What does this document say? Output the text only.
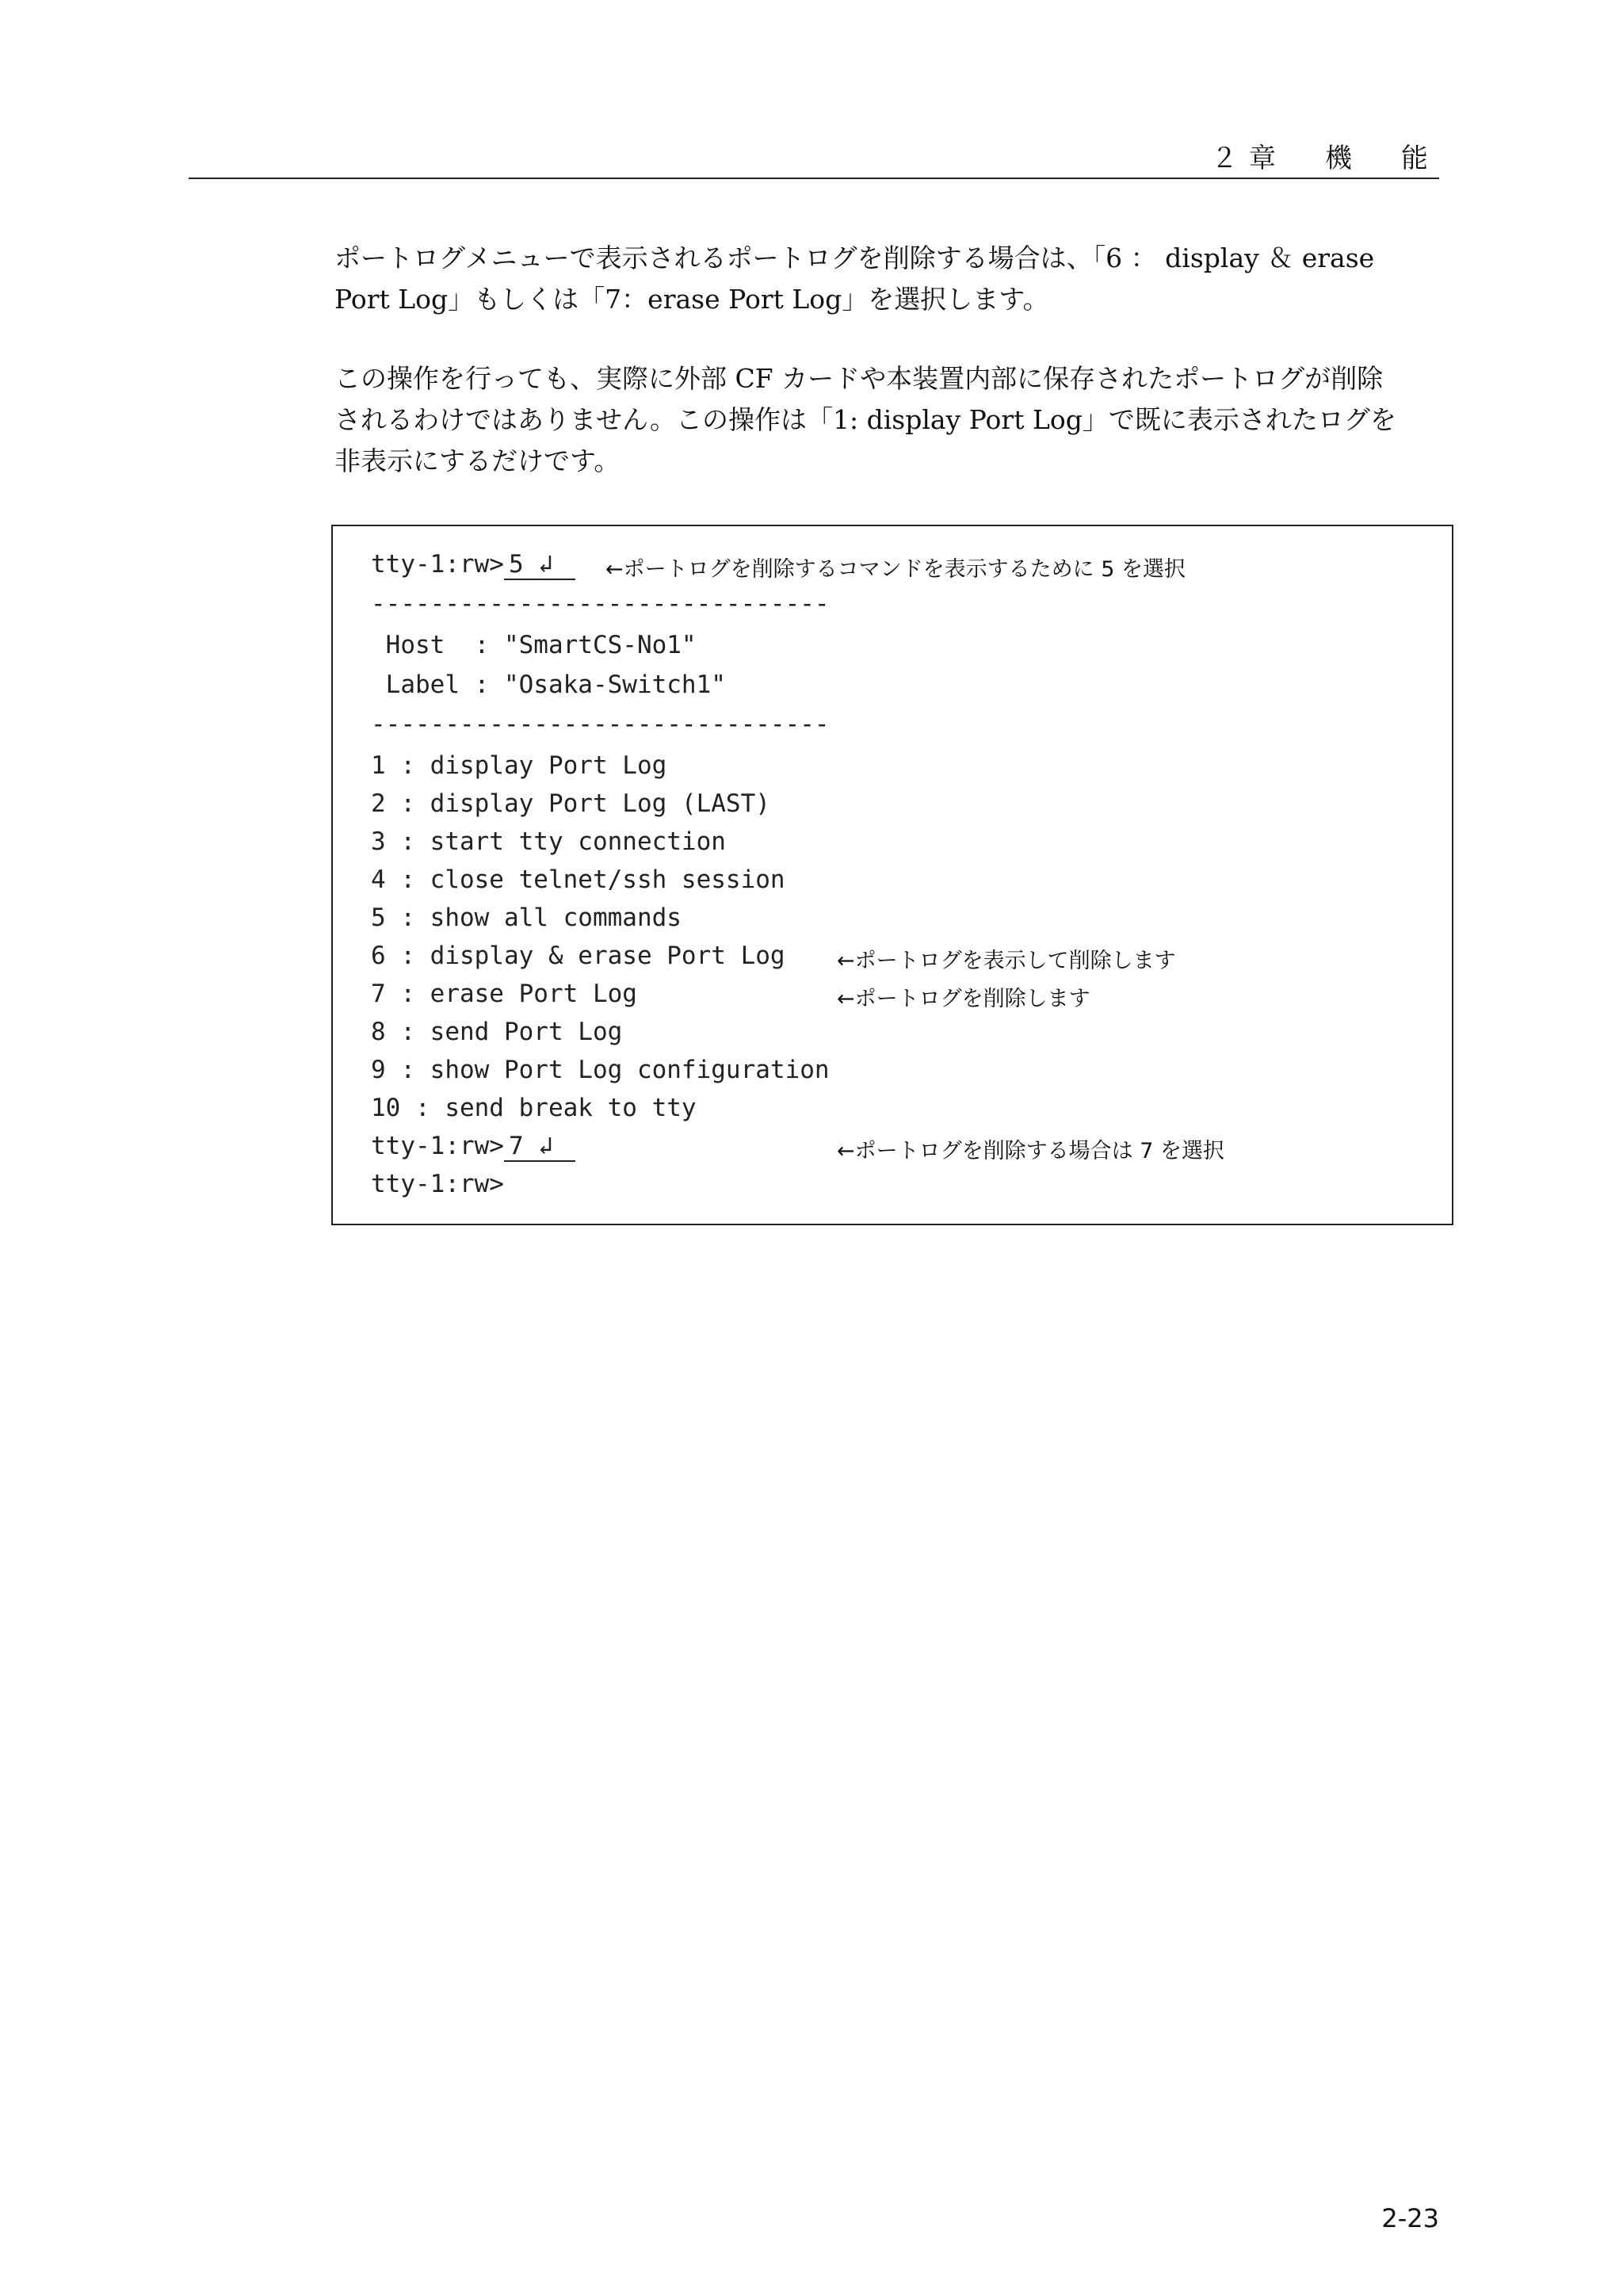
２章　機　能
ポートログメニューで表示されるポートログを削除する場合は、「6 ： display ＆ erase
Port Log」もしくは「7：erase Port Log」を選択します。
この操作を行っても、実際に外部 CF カードや本装置内部に保存されたポートログが削除
されるわけではありません。この操作は「1: display Port Log」で既に表示されたログを
非表示にするだけです。
tty-1:rw> 5 ↲	←ポートログを削除するコマンドを表示するために 5 を選択
-------------------------------
Host  : "SmartCS-No1"
Label : "Osaka-Switch1"
-------------------------------
1 : display Port Log
2 : display Port Log (LAST)
3 : start tty connection
4 : close telnet/ssh session
5 : show all commands
6 : display & erase Port Log ←ポートログを表示して削除します
7 : erase Port Log	←ポートログを削除します
8 : send Port Log
9 : show Port Log configuration
10 : send break to tty
tty-1:rw> 7 ↲	←ポートログを削除する場合は 7 を選択
tty-1:rw>
2-23
